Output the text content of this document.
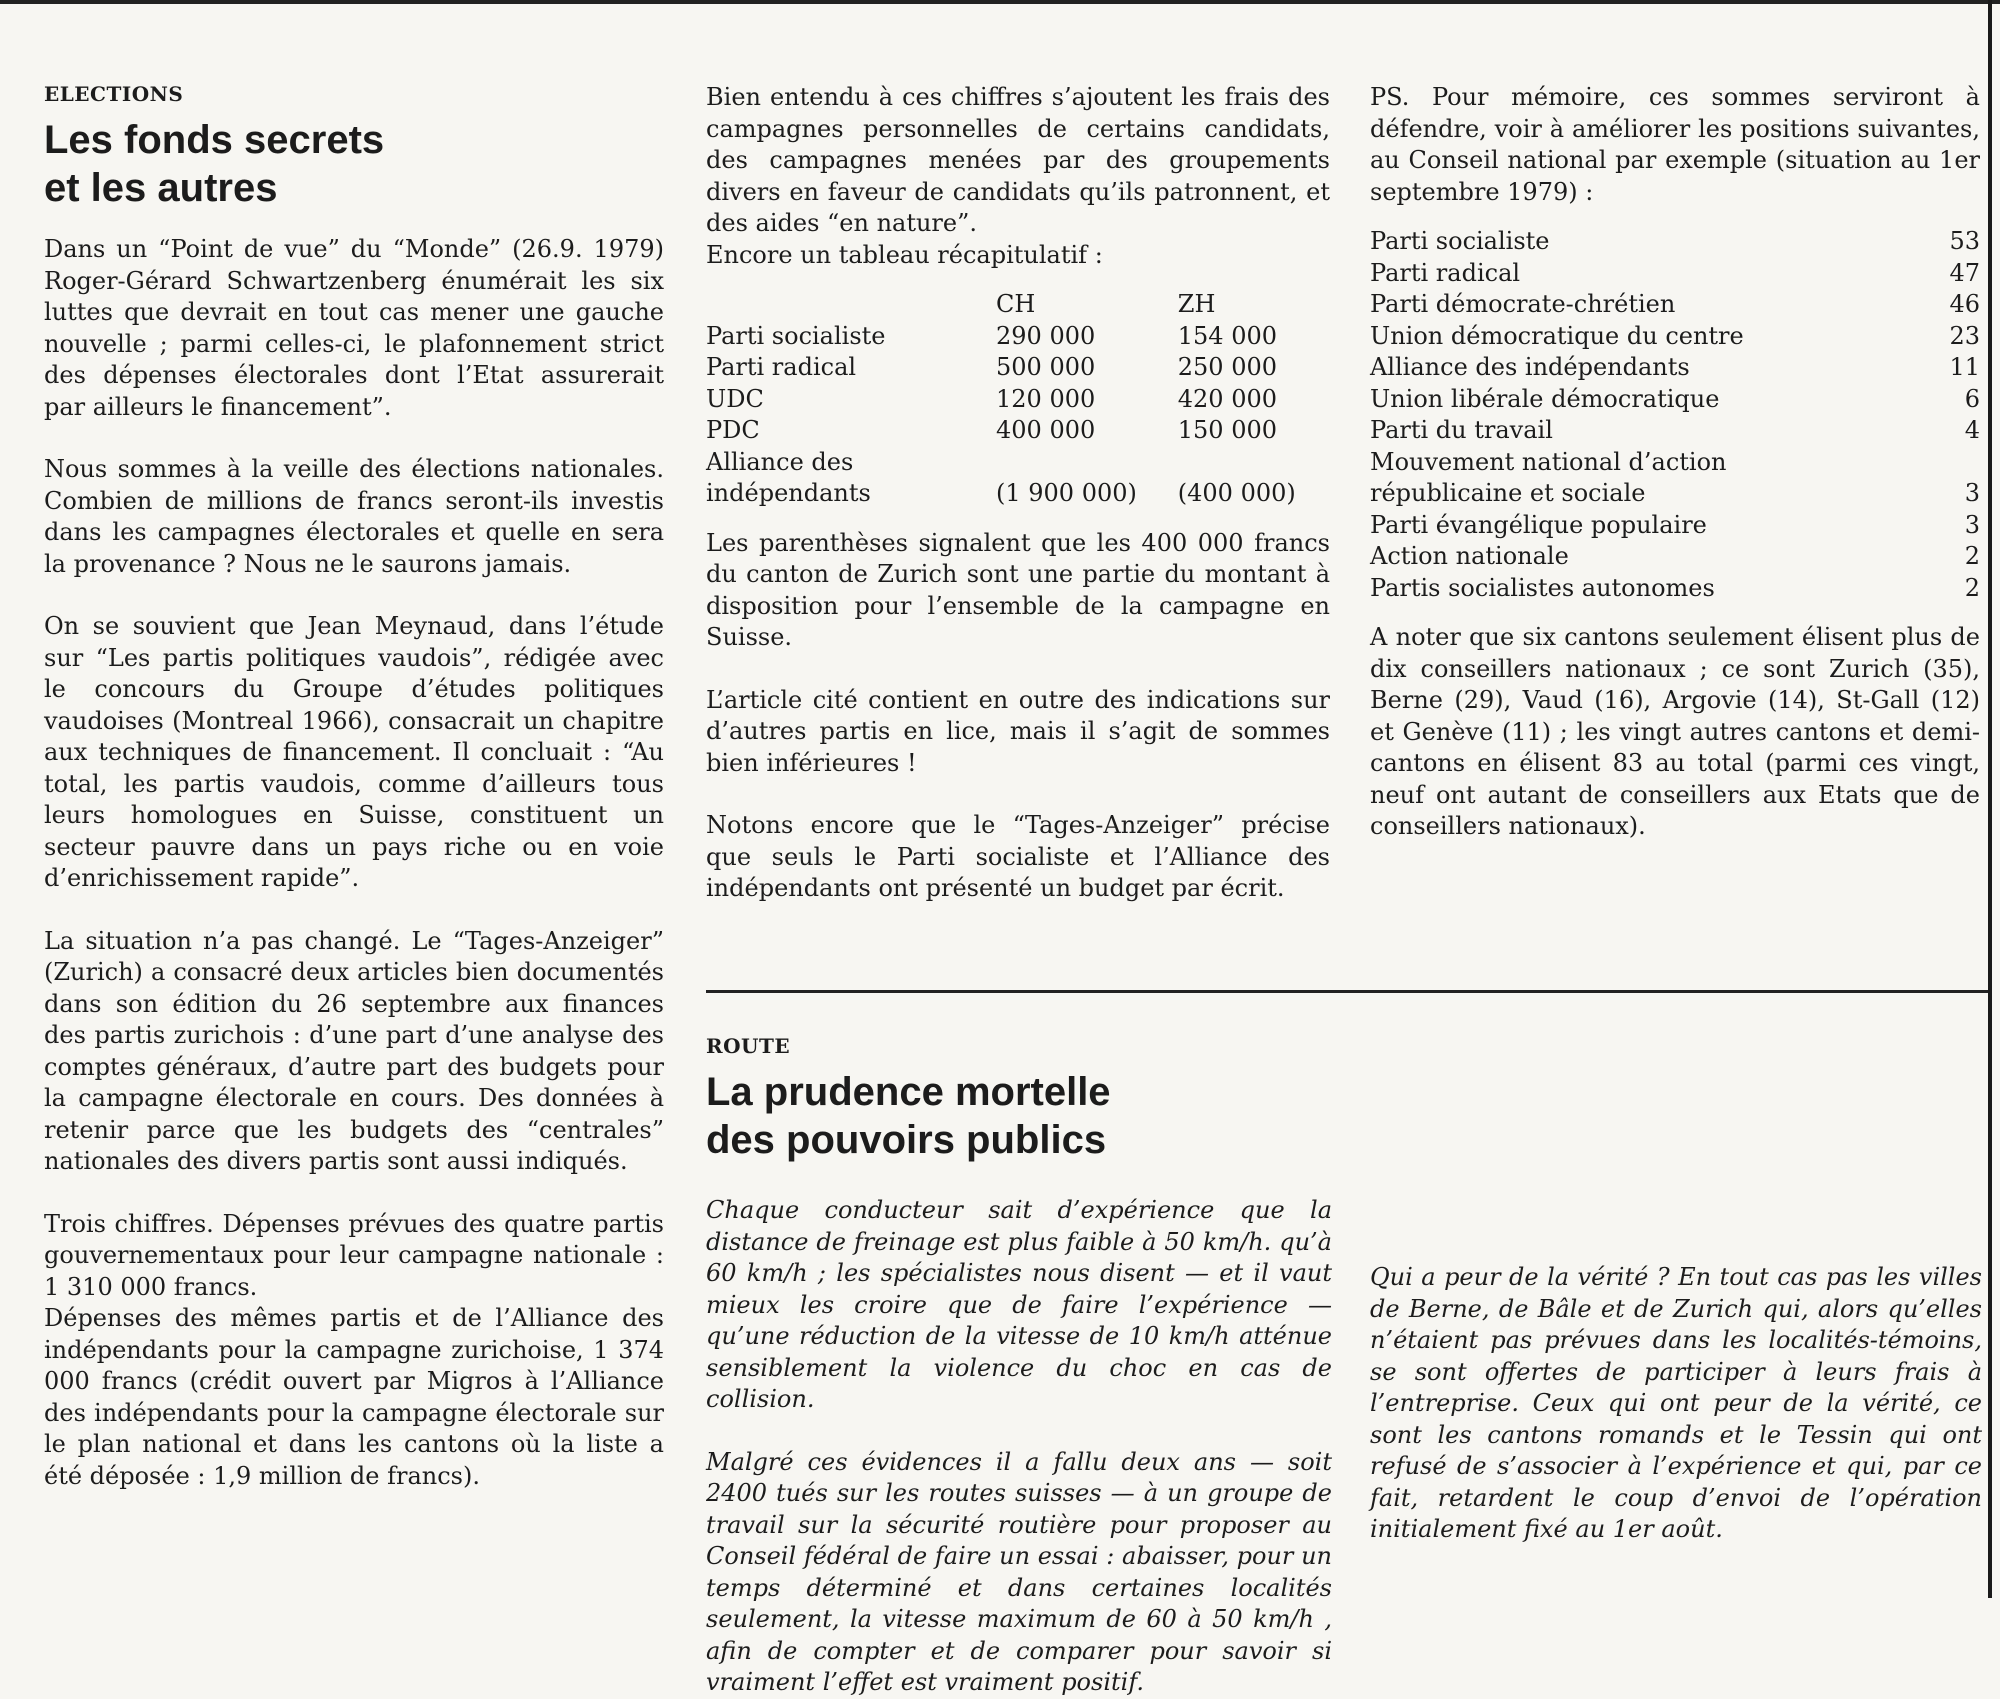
ELECTIONS
Les fonds secrets
et les autres

Dans un “Point de vue” du “Monde” (26.9. 1979) Roger-Gérard Schwartzenberg énumérait les six luttes que devrait en tout cas mener une gauche nouvelle ; parmi celles-ci, le plafonnement strict des dépenses électorales dont l’Etat assurerait par ailleurs le financement”.

Nous sommes à la veille des élections nationales. Combien de millions de francs seront-ils investis dans les campagnes électorales et quelle en sera la provenance ? Nous ne le saurons jamais.

On se souvient que Jean Meynaud, dans l’étude sur “Les partis politiques vaudois”, rédigée avec le concours du Groupe d’études politiques vaudoises (Montreal 1966), consacrait un chapitre aux techniques de financement. Il concluait : “Au total, les partis vaudois, comme d’ailleurs tous leurs homologues en Suisse, constituent un secteur pauvre dans un pays riche ou en voie d’enrichissement rapide”.

La situation n’a pas changé. Le “Tages-Anzeiger” (Zurich) a consacré deux articles bien documentés dans son édition du 26 septembre aux finances des partis zurichois : d’une part d’une analyse des comptes généraux, d’autre part des budgets pour la campagne électorale en cours. Des données à retenir parce que les budgets des “centrales” nationales des divers partis sont aussi indiqués.

Trois chiffres. Dépenses prévues des quatre partis gouvernementaux pour leur campagne nationale : 1 310 000 francs.

Dépenses des mêmes partis et de l’Alliance des indépendants pour la campagne zurichoise, 1 374 000 francs (crédit ouvert par Migros à l’Alliance des indépendants pour la campagne électorale sur le plan national et dans les cantons où la liste a été déposée : 1,9 million de francs).

Bien entendu à ces chiffres s’ajoutent les frais des campagnes personnelles de certains candidats, des campagnes menées par des groupements divers en faveur de candidats qu’ils patronnent, et des aides “en nature”.

Encore un tableau récapitulatif :

	CH	ZH
Parti socialiste	290 000	154 000
Parti radical	500 000	250 000
UDC	120 000	420 000
PDC	400 000	150 000
Alliance des		
indépendants	(1 900 000)	(400 000)

Les parenthèses signalent que les 400 000 francs du canton de Zurich sont une partie du montant à disposition pour l’ensemble de la campagne en Suisse.

L’article cité contient en outre des indications sur d’autres partis en lice, mais il s’agit de sommes bien inférieures !

Notons encore que le “Tages-Anzeiger” précise que seuls le Parti socialiste et l’Alliance des indépendants ont présenté un budget par écrit.

PS. Pour mémoire, ces sommes serviront à défendre, voir à améliorer les positions suivantes, au Conseil national par exemple (situation au 1er septembre 1979) :

Parti socialiste	53
Parti radical	47
Parti démocrate-chrétien	46
Union démocratique du centre	23
Alliance des indépendants	11
Union libérale démocratique	6
Parti du travail	4
Mouvement national d’action	
républicaine et sociale	3
Parti évangélique populaire	3
Action nationale	2
Partis socialistes autonomes	2

A noter que six cantons seulement élisent plus de dix conseillers nationaux ; ce sont Zurich (35), Berne (29), Vaud (16), Argovie (14), St-Gall (12) et Genève (11) ; les vingt autres cantons et demi-cantons en élisent 83 au total (parmi ces vingt, neuf ont autant de conseillers aux Etats que de conseillers nationaux).

ROUTE
La prudence mortelle
des pouvoirs publics

Chaque conducteur sait d’expérience que la distance de freinage est plus faible à 50 km/h. qu’à 60 km/h ; les spécialistes nous disent — et il vaut mieux les croire que de faire l’expérience — qu’une réduction de la vitesse de 10 km/h atténue sensiblement la violence du choc en cas de collision.

Malgré ces évidences il a fallu deux ans — soit 2400 tués sur les routes suisses — à un groupe de travail sur la sécurité routière pour proposer au Conseil fédéral de faire un essai : abaisser, pour un temps déterminé et dans certaines localités seulement, la vitesse maximum de 60 à 50 km/h , afin de compter et de comparer pour savoir si vraiment l’effet est vraiment positif.

Qui a peur de la vérité ? En tout cas pas les villes de Berne, de Bâle et de Zurich qui, alors qu’elles n’étaient pas prévues dans les localités-témoins, se sont offertes de participer à leurs frais à l’entreprise. Ceux qui ont peur de la vérité, ce sont les cantons romands et le Tessin qui ont refusé de s’associer à l’expérience et qui, par ce fait, retardent le coup d’envoi de l’opération initialement fixé au 1er août.
